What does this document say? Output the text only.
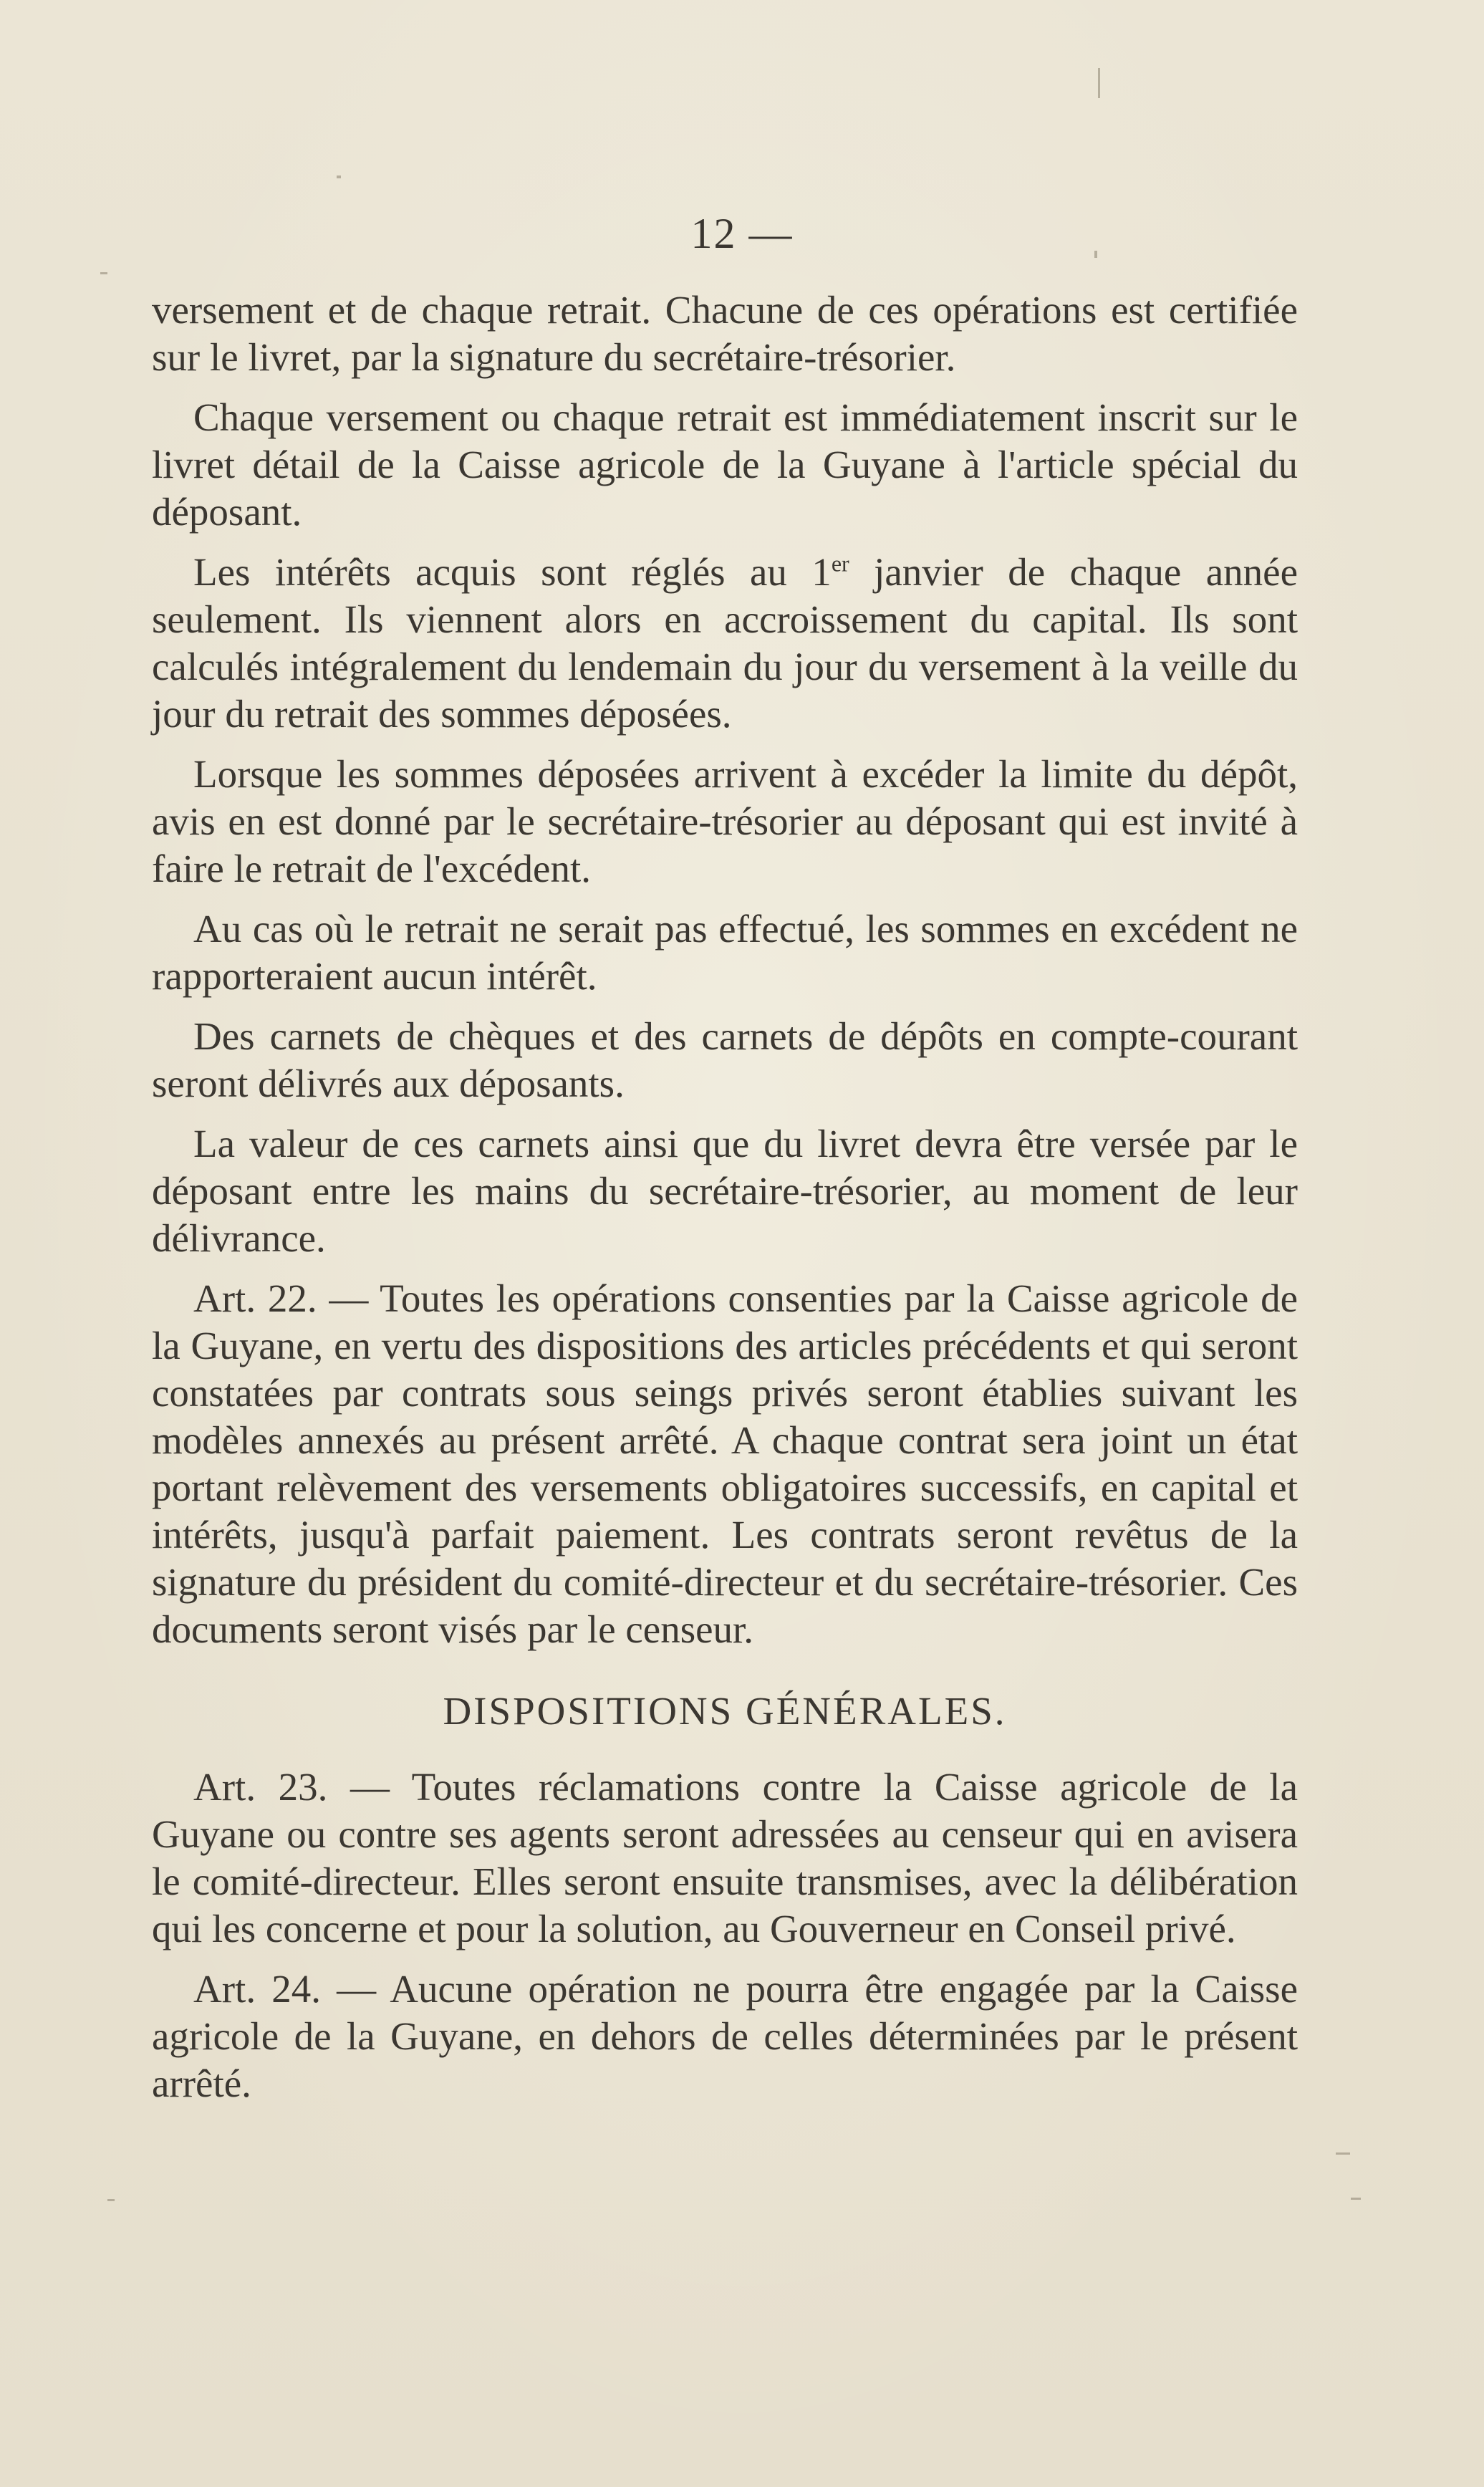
12 —

versement et de chaque retrait. Chacune de ces opérations est certifiée sur le livret, par la signature du secrétaire-trésorier.

Chaque versement ou chaque retrait est immédiatement inscrit sur le livret détail de la Caisse agricole de la Guyane à l'article spécial du déposant.

Les intérêts acquis sont réglés au 1er janvier de chaque année seulement. Ils viennent alors en accroissement du capital. Ils sont calculés intégralement du lendemain du jour du versement à la veille du jour du retrait des sommes déposées.

Lorsque les sommes déposées arrivent à excéder la limite du dépôt, avis en est donné par le secrétaire-trésorier au déposant qui est invité à faire le retrait de l'excédent.

Au cas où le retrait ne serait pas effectué, les sommes en excédent ne rapporteraient aucun intérêt.

Des carnets de chèques et des carnets de dépôts en compte-courant seront délivrés aux déposants.

La valeur de ces carnets ainsi que du livret devra être versée par le déposant entre les mains du secrétaire-trésorier, au moment de leur délivrance.

Art. 22. — Toutes les opérations consenties par la Caisse agricole de la Guyane, en vertu des dispositions des articles précédents et qui seront constatées par contrats sous seings privés seront établies suivant les modèles annexés au présent arrêté. A chaque contrat sera joint un état portant relèvement des versements obligatoires successifs, en capital et intérêts, jusqu'à parfait paiement. Les contrats seront revêtus de la signature du président du comité-directeur et du secrétaire-trésorier. Ces documents seront visés par le censeur.

DISPOSITIONS GÉNÉRALES.

Art. 23. — Toutes réclamations contre la Caisse agricole de la Guyane ou contre ses agents seront adressées au censeur qui en avisera le comité-directeur. Elles seront ensuite transmises, avec la délibération qui les concerne et pour la solution, au Gouverneur en Conseil privé.

Art. 24. — Aucune opération ne pourra être engagée par la Caisse agricole de la Guyane, en dehors de celles déterminées par le présent arrêté.
